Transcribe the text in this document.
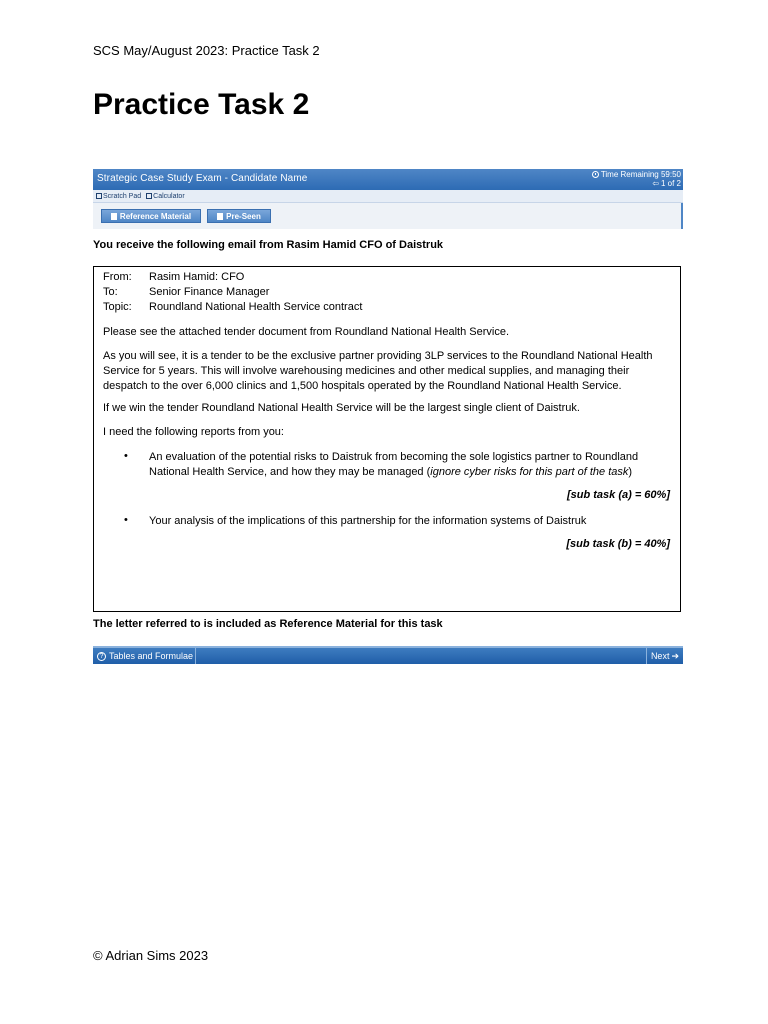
SCS May/August 2023: Practice Task 2
Practice Task 2
Strategic Case Study Exam - Candidate Name	Time Remaining 59:50
⇦ 1 of 2
Scratch Pad Calculator
Reference Material	Pre-Seen
You receive the following email from Rasim Hamid CFO of Daistruk
From:	Rasim Hamid: CFO
To:	Senior Finance Manager
Topic:	Roundland National Health Service contract
Please see the attached tender document from Roundland National Health Service.
As you will see, it is a tender to be the exclusive partner providing 3LP services to the Roundland National Health Service for 5 years. This will involve warehousing medicines and other medical supplies, and managing their despatch to the over 6,000 clinics and 1,500 hospitals operated by the Roundland National Health Service.
If we win the tender Roundland National Health Service will be the largest single client of Daistruk.
I need the following reports from you:
• An evaluation of the potential risks to Daistruk from becoming the sole logistics partner to Roundland National Health Service, and how they may be managed (ignore cyber risks for this part of the task)
[sub task (a) = 60%]
• Your analysis of the implications of this partnership for the information systems of Daistruk
[sub task (b) = 40%]
The letter referred to is included as Reference Material for this task
? Tables and Formulae	Next ➔
© Adrian Sims 2023
